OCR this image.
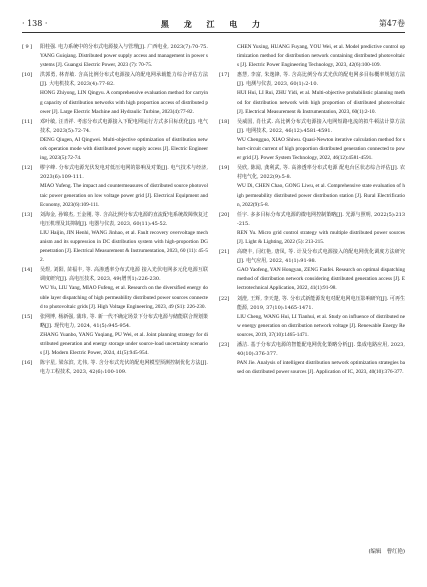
· 138 ·	黑 龙 江 电 力	第47卷
[ 9 ] 阳桂强. 电力系统中的分布式电源接入与管理[J]. 广西电业, 2023(7):70-75.
YANG Guiqiang. Distributed power supply access and management in power systems [J]. Guangxi Electric Power, 2023 (7): 70-75.
[10] 洪郭勇, 林青敏. 含高比例分布式电源接入的配电网承载能力综合评估方法[J]. 大电机技术, 2023(4):77-82.
HONG Zhiyong, LIN Qingyu. A comprehensive evaluation method for carrying capacity of distribution networks with high proportion access of distributed power [J]. Large Electric Machine and Hydraulic Turbine, 2023(4):77-82.
[11] 邓叶敏, 汪青祥. 考虑分布式电源接入下配电网运行方式多目标优化[J]. 电气技术, 2023(5):72-74.
DENG Qiugen, AI Qingwei. Multi-objective optimization of distribution network operation mode with distributed power supply access [J]. Electric Engineering, 2023(5):72-74.
[12] 缪字峰. 分布式电源光伏发电对低压电网的影响及对策[J]. 电气技术与经济, 2023(6):109-111.
MIAO Yufeng. The impact and countermeasures of distributed source photovoltaic power generation on low voltage power grid [J]. Electrical Equipment and Economy, 2023(6):109-111.
[13] 刘海金, 孙锦杰, 王金刚, 等. 含高比例分布式电源的直流配电系统故障恢复过电压机理及其抑制[J]. 电器与仪表, 2023, 60(11):45-52.
LIU Haijin, JIN Henhi, WANG Jinhao, et al. Fault recovery overvoltage mechanism and its suppression in DC distribution system with high-proportion DG penetration [J]. Electrical Measurement & Instrumentation, 2023, 60 (11): 45-52.
[14] 吴煜, 刘阳, 苗福丰, 等. 高渗透率分布式电源 接入光伏电网多元化电源互联调度研究[J]. 高电压技术, 2023, 49(增刊1):226-230.
WU Yu, LIU Yang, MIAO Fufeng, et al. Research on the diversified energy double layer dispatching of high permeability distributed power sources connected to photovoltaic grids [J]. High Voltage Engineering, 2023, 49 (S1): 226-230.
[15] 张网博, 杨新强, 蒲玮, 等. 新一代不确定场景下分布式电源与储能联合规划策略[J]. 现代电力, 2024, 41(5):945-954.
ZHANG Yuanbo, YANG Yuqiang, PU Wei, et al. Joint planning strategy for distributed generation and energy storage under source-load uncertainty scenarios [J]. Modern Electric Power, 2024, 41(5):945-954.
[16] 陈宇星, 梁东滨, 尤伟, 等. 含分布式光伏的配电网模型预测控制优化方法[J]. 电力工程技术, 2023, 42(6):100-109.
CHEN Yuxing, HUANG Fuyang, YOU Wei, et al. Model predictive control optimization method for distribution network containing distributed photovoltaics [J]. Electric Power Engineering Technology, 2023, 42(6):100-109.
[17] 惠慧, 李富, 朱逸锋, 等. 含高比例分布式光伏的配电网多目标概率规划方法[J]. 电测与仪表, 2023, 60(1):2-10.
HUI Hui, LI Rui, ZHU Yidi, et al. Multi-objective probabilistic planning method for distribution network with high proportion of distributed photovoltaic [J]. Electrical Measurement & Instrumentation, 2023, 60(1):2-10.
[18] 吴威国, 肖仕武. 高比例分布式电源接入电网短路电流的拟牛顿法计算方法[J]. 电网技术, 2022, 46(12):4581-4591.
WU Chengguo, XIAO Shiwu. Quasi-Newton iterative calculation method for short-circuit current of high proportion distributed generation connected to power grid [J]. Power System Technology, 2022, 46(12):4581-4591.
[19] 吴欣, 陈闻, 龚利武, 等. 高渗透率分布式电源 配电台区状态综合评估[J]. 农村电气化, 2022(9):5-8.
WU Di, CHEN Chao, GONG Liwu, et al. Comprehensive state evaluation of high permeability distributed power distribution station [J]. Rural Electrification, 2022(9):5-8.
[20] 任宇. 多多目标分布式电源的微电网控制策略[J]. 光源与照明, 2022(5):213-215.
REN Yu. Micro grid control strategy with multiple distributed power sources [J]. Light & Lighting, 2022 (5): 213-215.
[21] 高晓丰, 闫红艳, 唐凤, 等. 计及分布式电源接入的配电网优化调度方法研究[J]. 电气应用, 2022, 41(1):91-98.
GAO Yaofeng, YAN Hongyan, ZENG Fanfei. Research on optimal dispatching method of distribution network considering distributed generation access [J]. Electrotechnical Application, 2022, 41(1):91-98.
[22] 刘澄, 王辉, 李天楚, 等. 分布式新能源发电对配电网电压影响研究[J]. 可再生能源, 2019, 37(10):1465-1471.
LIU Cheng, WANG Hui, LI Tianhui, et al. Study on influence of distributed new energy generation on distribution network voltage [J]. Renewable Energy Resources, 2019, 37(10):1465-1471.
[23] 潘洁. 基于分布式电源的智能配电网优化策略分析[J]. 集成电路应用, 2023, 40(10):376-377.
PAN Jie. Analysis of intelligent distribution network optimization strategies based on distributed power sources [J]. Application of IC, 2023, 40(10):376-377.
(编辑　曹红艳)
